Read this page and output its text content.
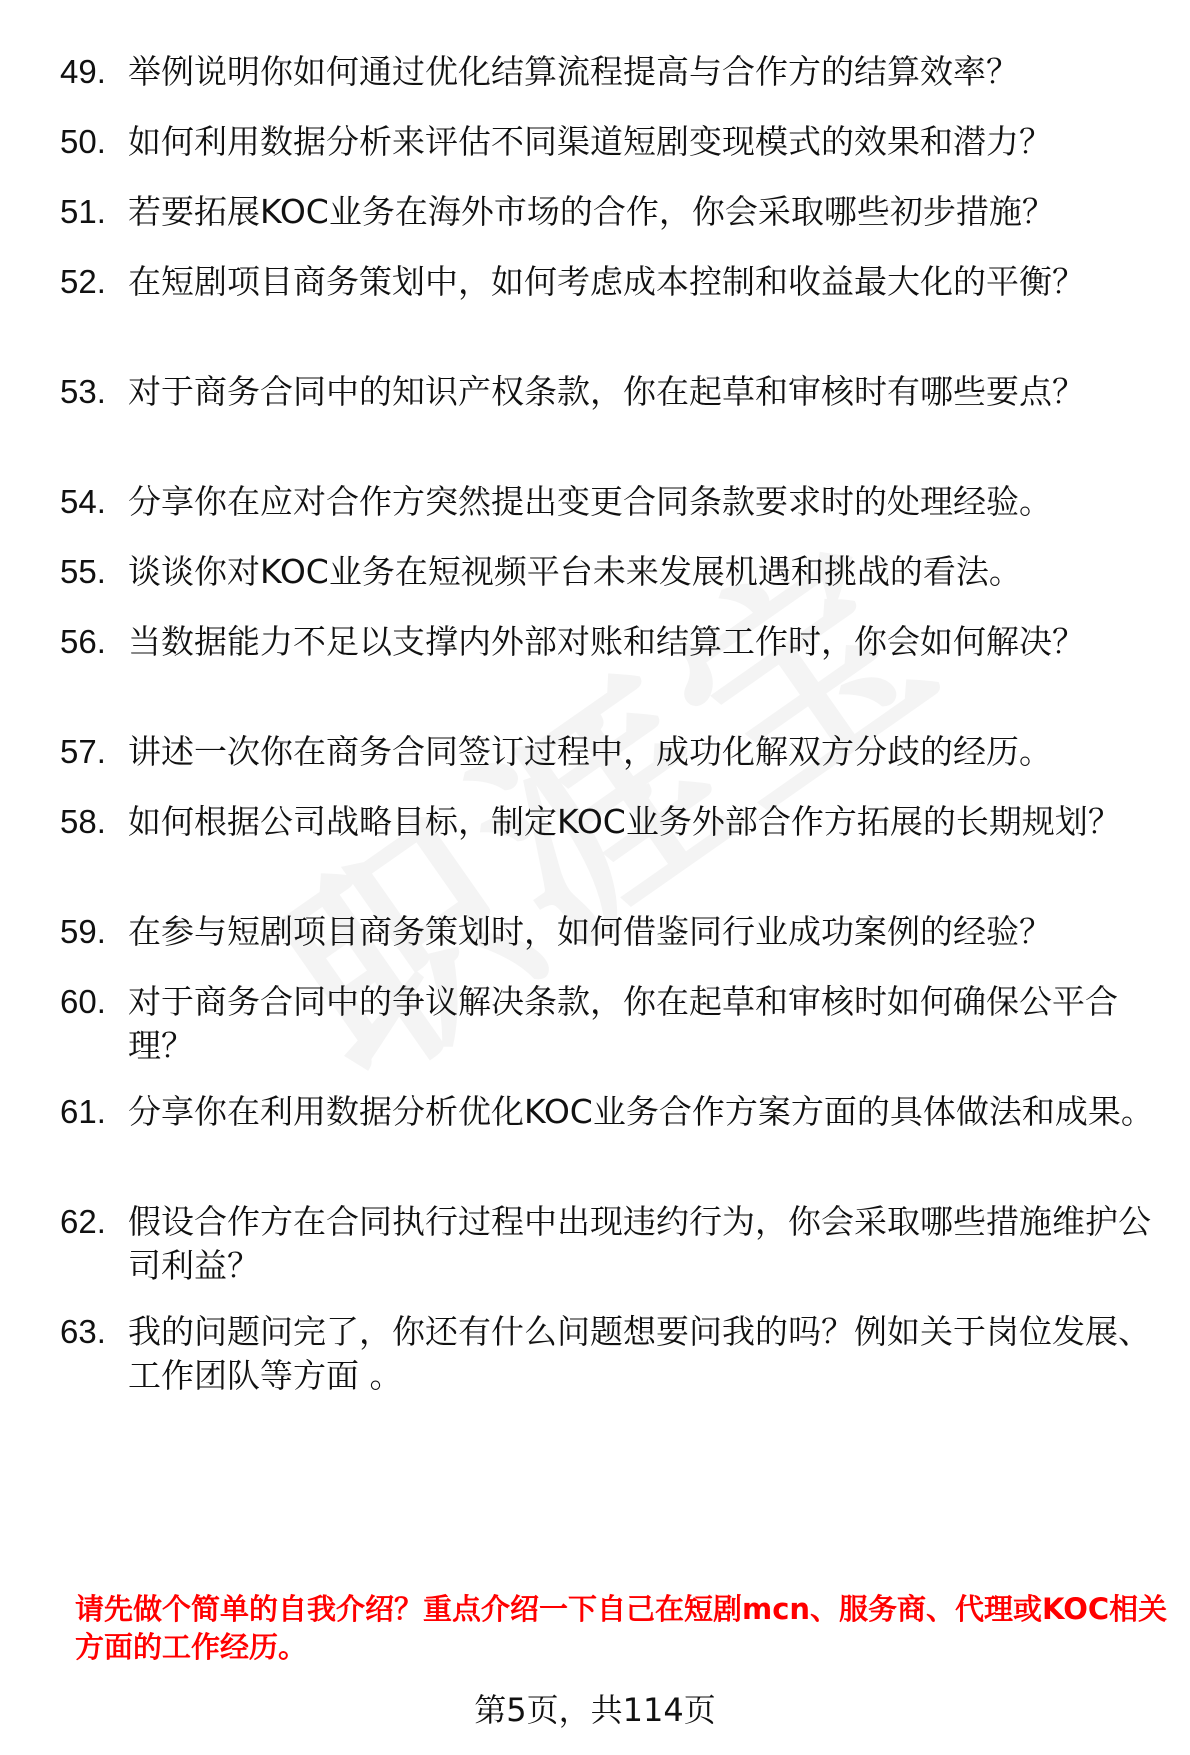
49. 举例说明你如何通过优化结算流程提高与合作方的结算效率？
50. 如何利用数据分析来评估不同渠道短剧变现模式的效果和潜力？
51. 若要拓展KOC业务在海外市场的合作，你会采取哪些初步措施？
52. 在短剧项目商务策划中，如何考虑成本控制和收益最大化的平衡？
53. 对于商务合同中的知识产权条款，你在起草和审核时有哪些要点？
54. 分享你在应对合作方突然提出变更合同条款要求时的处理经验。
55. 谈谈你对KOC业务在短视频平台未来发展机遇和挑战的看法。
56. 当数据能力不足以支撑内外部对账和结算工作时，你会如何解决？
57. 讲述一次你在商务合同签订过程中，成功化解双方分歧的经历。
58. 如何根据公司战略目标，制定KOC业务外部合作方拓展的长期规划？
59. 在参与短剧项目商务策划时，如何借鉴同行业成功案例的经验？
60. 对于商务合同中的争议解决条款，你在起草和审核时如何确保公平合理？
61. 分享你在利用数据分析优化KOC业务合作方案方面的具体做法和成果。
62. 假设合作方在合同执行过程中出现违约行为，你会采取哪些措施维护公司利益？
63. 我的问题问完了，你还有什么问题想要问我的吗？例如关于岗位发展、工作团队等方面 。
请先做个简单的自我介绍？重点介绍一下自己在短剧mcn、服务商、代理或KOC相关方面的工作经历。
第5页，共114页
